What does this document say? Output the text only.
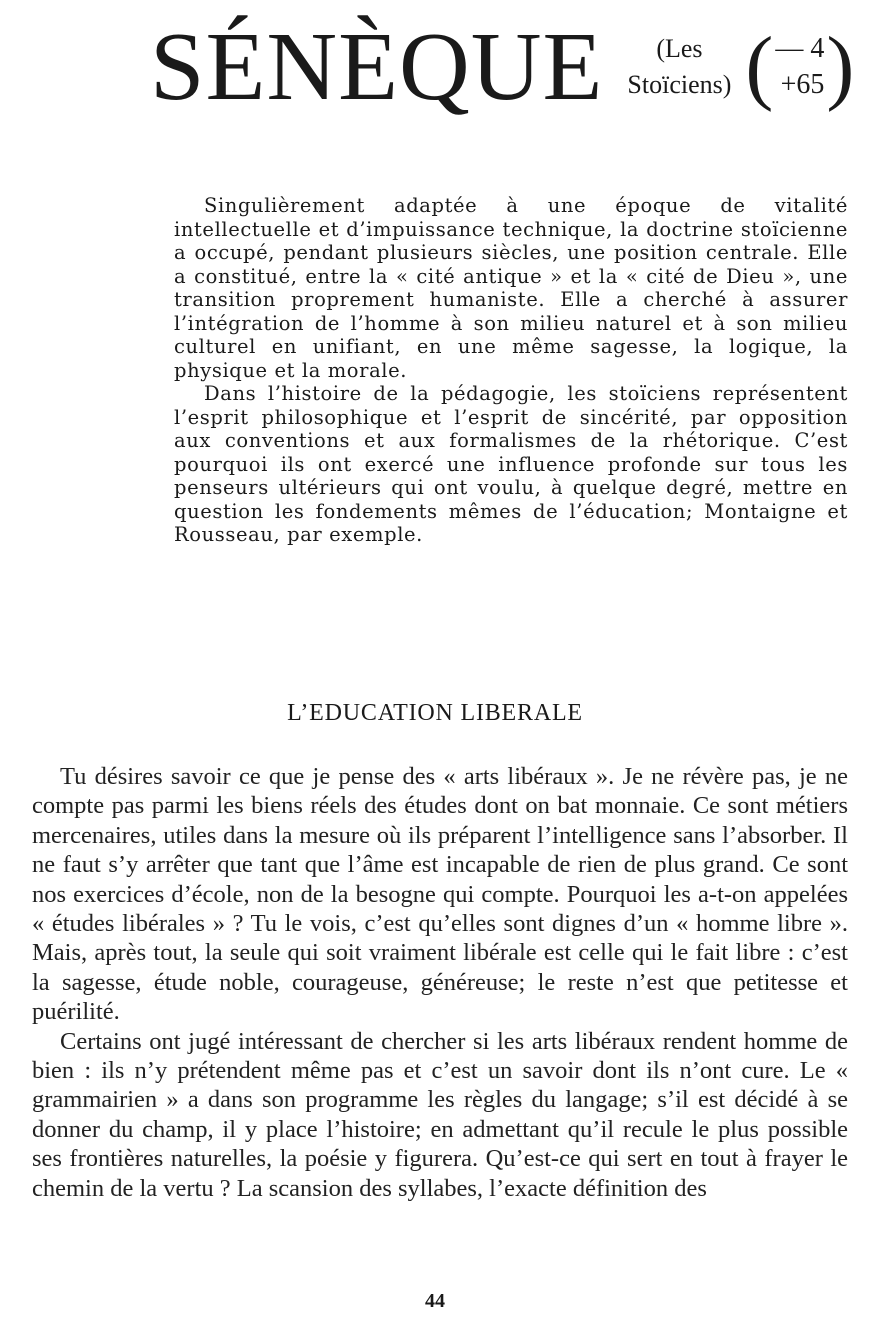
SÉNÈQUE	(Les
Stoïciens) ( — 4
+65 )

Singulièrement adaptée à une époque de vitalité intellectuelle et d’impuissance technique, la doctrine stoïcienne a occupé, pendant plusieurs siècles, une position centrale. Elle a constitué, entre la « cité antique » et la « cité de Dieu », une transition proprement humaniste. Elle a cherché à assurer l’intégration de l’homme à son milieu naturel et à son milieu culturel en unifiant, en une même sagesse, la logique, la physique et la morale.

Dans l’histoire de la pédagogie, les stoïciens représentent l’esprit philosophique et l’esprit de sincérité, par opposition aux conventions et aux formalismes de la rhétorique. C’est pourquoi ils ont exercé une influence profonde sur tous les penseurs ultérieurs qui ont voulu, à quelque degré, mettre en question les fondements mêmes de l’éducation; Montaigne et Rousseau, par exemple.

L’EDUCATION LIBERALE

Tu désires savoir ce que je pense des « arts libéraux ». Je ne révère pas, je ne compte pas parmi les biens réels des études dont on bat monnaie. Ce sont métiers mercenaires, utiles dans la mesure où ils préparent l’intelligence sans l’absorber. Il ne faut s’y arrêter que tant que l’âme est incapable de rien de plus grand. Ce sont nos exercices d’école, non de la besogne qui compte. Pourquoi les a-t-on appelées « études libérales » ? Tu le vois, c’est qu’elles sont dignes d’un « homme libre ». Mais, après tout, la seule qui soit vraiment libérale est celle qui le fait libre : c’est la sagesse, étude noble, courageuse, généreuse; le reste n’est que petitesse et puérilité.

Certains ont jugé intéressant de chercher si les arts libéraux rendent homme de bien : ils n’y prétendent même pas et c’est un savoir dont ils n’ont cure. Le « grammairien » a dans son programme les règles du langage; s’il est décidé à se donner du champ, il y place l’histoire; en admettant qu’il recule le plus possible ses frontières naturelles, la poésie y figurera. Qu’est-ce qui sert en tout à frayer le chemin de la vertu ? La scansion des syllabes, l’exacte définition des

44
